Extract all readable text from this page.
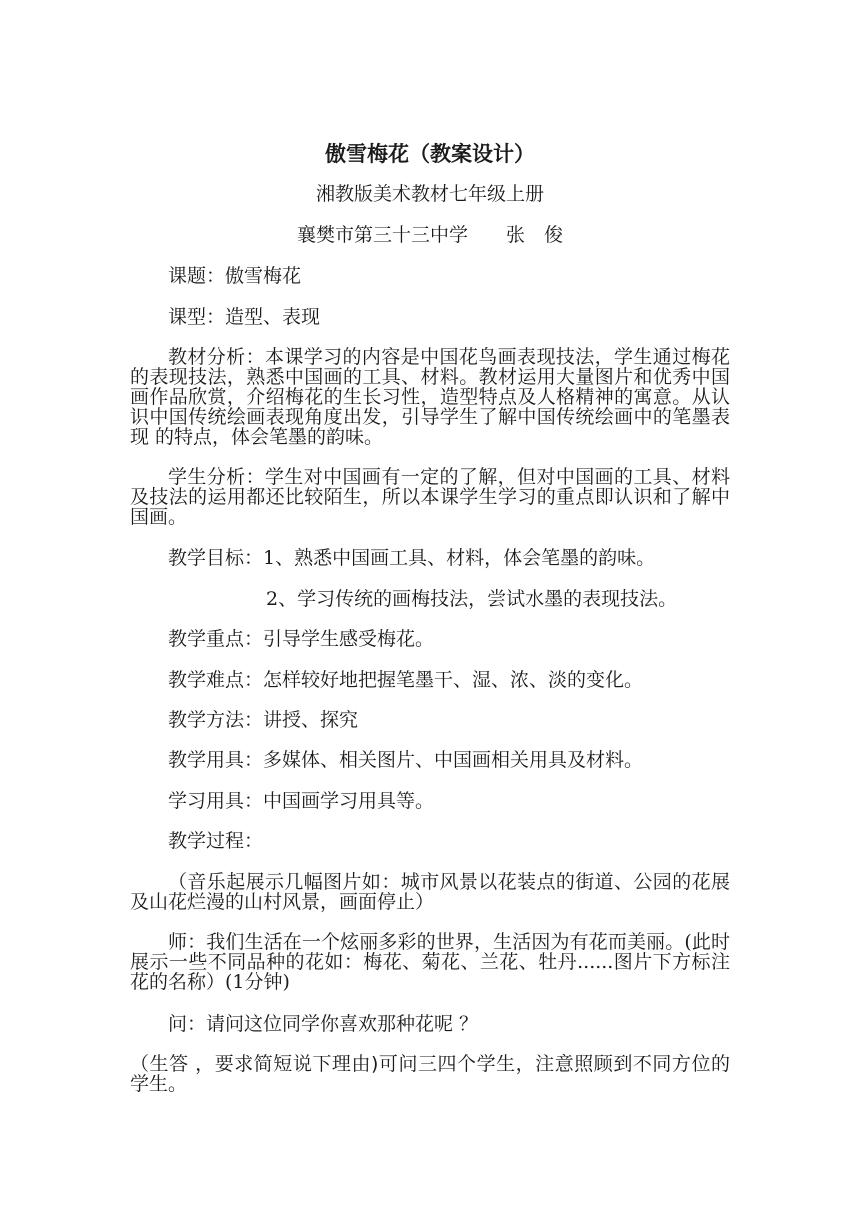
傲雪梅花（教案设计）
湘教版美术教材七年级上册
襄樊市第三十三中学　　张　俊
课题：傲雪梅花
课型：造型、表现
教材分析：本课学习的内容是中国花鸟画表现技法，学生通过梅花的表现技法，熟悉中国画的工具、材料。教材运用大量图片和优秀中国画作品欣赏，介绍梅花的生长习性，造型特点及人格精神的寓意。从认识中国传统绘画表现角度出发，引导学生了解中国传统绘画中的笔墨表现 的特点，体会笔墨的韵味。
学生分析：学生对中国画有一定的了解，但对中国画的工具、材料及技法的运用都还比较陌生，所以本课学生学习的重点即认识和了解中国画。
教学目标：1、熟悉中国画工具、材料，体会笔墨的韵味。
2、学习传统的画梅技法，尝试水墨的表现技法。
教学重点：引导学生感受梅花。
教学难点：怎样较好地把握笔墨干、湿、浓、淡的变化。
教学方法：讲授、探究
教学用具：多媒体、相关图片、中国画相关用具及材料。
学习用具：中国画学习用具等。
教学过程：
（音乐起展示几幅图片如：城市风景以花装点的街道、公园的花展及山花烂漫的山村风景，画面停止）
师：我们生活在一个炫丽多彩的世界，生活因为有花而美丽。(此时展示一些不同品种的花如：梅花、菊花、兰花、牡丹......图片下方标注花的名称）(1分钟)
问：请问这位同学你喜欢那种花呢 ？
（生答 ，要求简短说下理由)可问三四个学生，注意照顾到不同方位的学生。
